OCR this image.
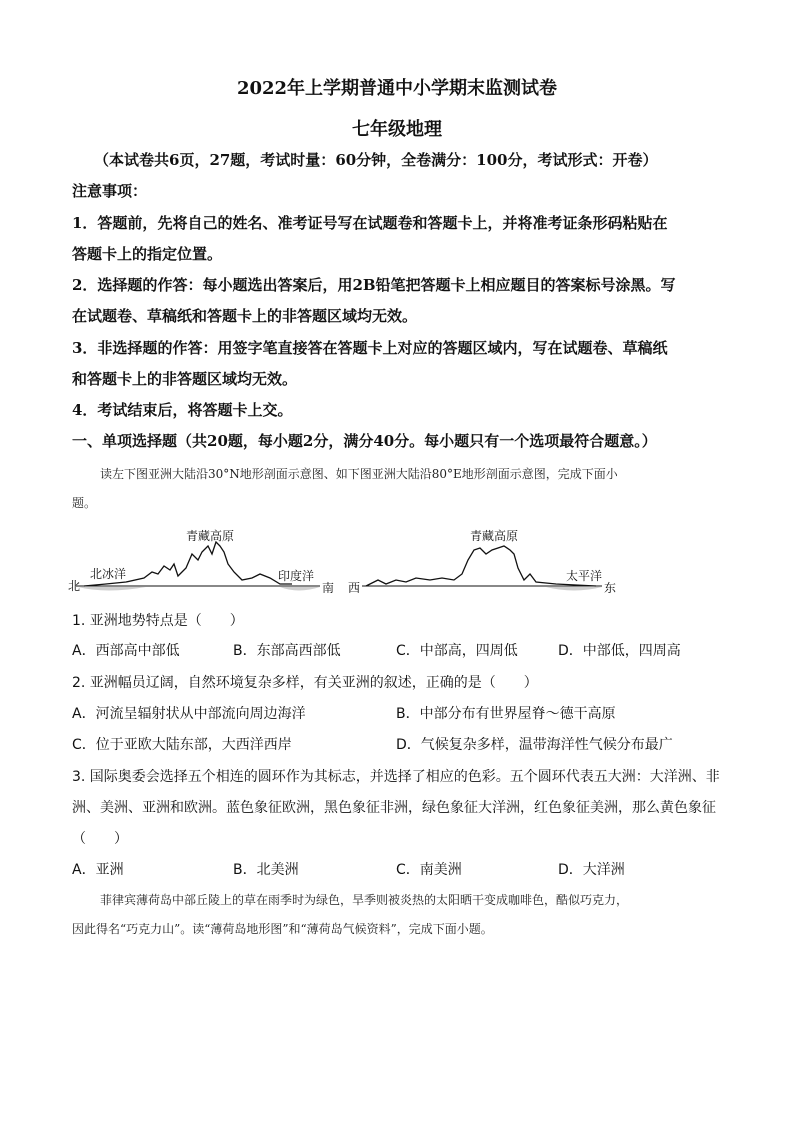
2022年上学期普通中小学期末监测试卷
七年级地理
（本试卷共6页，27题，考试时量：60分钟，全卷满分：100分，考试形式：开卷）
注意事项：
1．答题前，先将自己的姓名、准考证号写在试题卷和答题卡上，并将准考证条形码粘贴在
答题卡上的指定位置。
2．选择题的作答：每小题选出答案后，用2B铅笔把答题卡上相应题目的答案标号涂黑。写
在试题卷、草稿纸和答题卡上的非答题区域均无效。
3．非选择题的作答：用签字笔直接答在答题卡上对应的答题区域内，写在试题卷、草稿纸
和答题卡上的非答题区域均无效。
4．考试结束后，将答题卡上交。
一、单项选择题（共20题，每小题2分，满分40分。每小题只有一个选项最符合题意。）
读左下图亚洲大陆沿30°N地形剖面示意图、如下图亚洲大陆沿80°E地形剖面示意图，完成下面小
题。
青藏高原
北冰洋	印度洋
北	南
青藏高原
太平洋
西	东
1. 亚洲地势特点是（　　）
A．西部高中部低	B．东部高西部低	C．中部高，四周低	D．中部低，四周高
2. 亚洲幅员辽阔，自然环境复杂多样，有关亚洲的叙述，正确的是（　　）
A．河流呈辐射状从中部流向周边海洋	B．中部分布有世界屋脊～德干高原
C．位于亚欧大陆东部，大西洋西岸	D．气候复杂多样，温带海洋性气候分布最广
3. 国际奥委会选择五个相连的圆环作为其标志，并选择了相应的色彩。五个圆环代表五大洲：大洋洲、非
洲、美洲、亚洲和欧洲。蓝色象征欧洲，黑色象征非洲，绿色象征大洋洲，红色象征美洲，那么黄色象征
（　　）
A．亚洲	B．北美洲	C．南美洲	D．大洋洲
菲律宾薄荷岛中部丘陵上的草在雨季时为绿色，旱季则被炎热的太阳晒干变成咖啡色，酷似巧克力，
因此得名“巧克力山”。读“薄荷岛地形图”和“薄荷岛气候资料”，完成下面小题。
